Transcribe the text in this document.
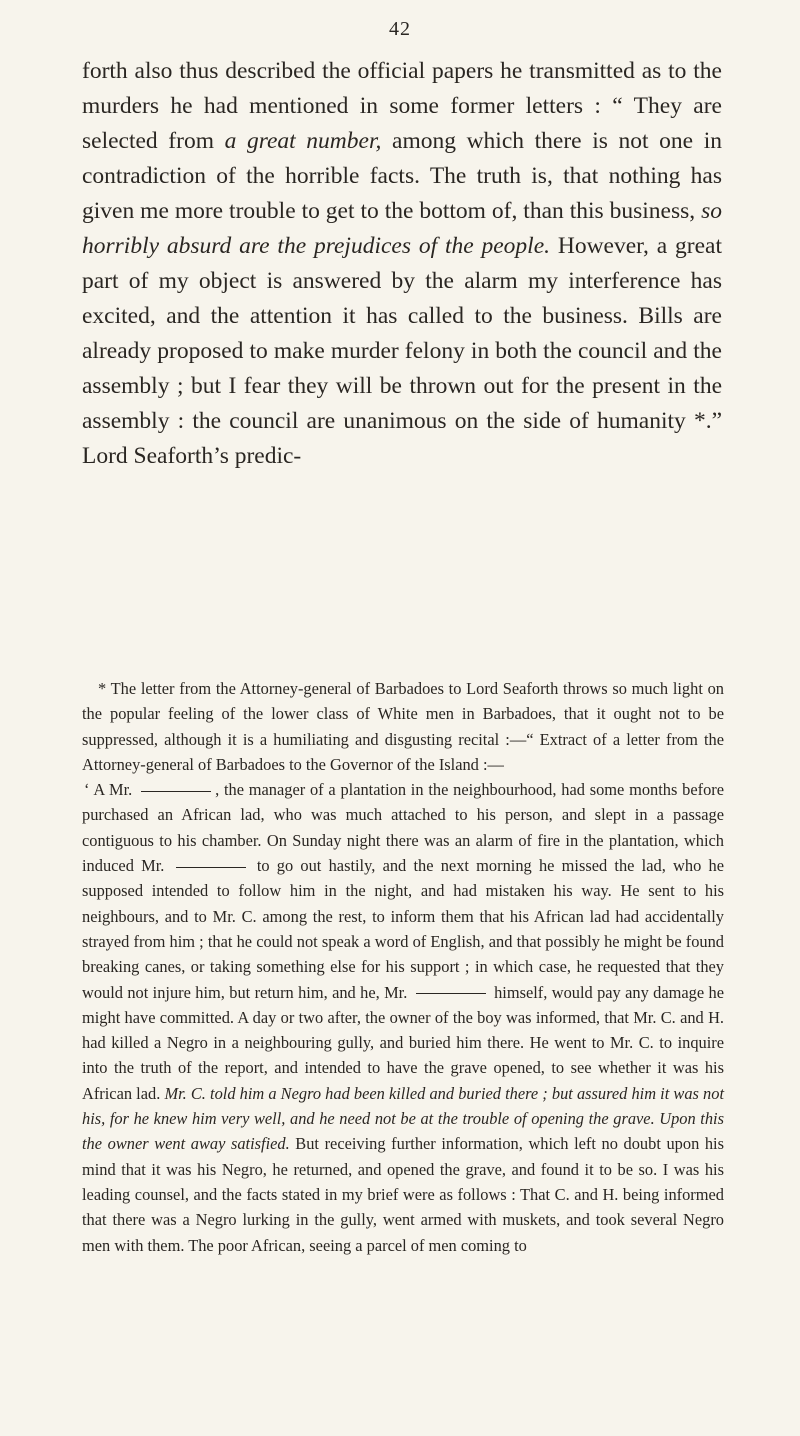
42

forth also thus described the official papers he transmitted as to the murders he had mentioned in some former letters : “ They are selected from a great number, among which there is not one in contradiction of the horrible facts. The truth is, that nothing has given me more trouble to get to the bottom of, than this business, so horribly absurd are the prejudices of the people. However, a great part of my object is answered by the alarm my interference has excited, and the attention it has called to the business. Bills are already proposed to make murder felony in both the council and the assembly ; but I fear they will be thrown out for the present in the assembly : the council are unanimous on the side of humanity *.” Lord Seaforth’s predic-

* The letter from the Attorney-general of Barbadoes to Lord Seaforth throws so much light on the popular feeling of the lower class of White men in Barbadoes, that it ought not to be suppressed, although it is a humiliating and disgusting recital :—“ Extract of a letter from the Attorney-general of Barbadoes to the Governor of the Island :—

‘ A Mr.	, the manager of a plantation in the neighbourhood, had some months before purchased an African lad, who was much attached to his person, and slept in a passage contiguous to his chamber. On Sunday night there was an alarm of fire in the plantation, which induced Mr.	to go out hastily, and the next morning he missed the lad, who he supposed intended to follow him in the night, and had mistaken his way. He sent to his neighbours, and to Mr. C. among the rest, to inform them that his African lad had accidentally strayed from him ; that he could not speak a word of English, and that possibly he might be found breaking canes, or taking something else for his support ; in which case, he requested that they would not injure him, but return him, and he, Mr.	himself, would pay any damage he might have committed. A day or two after, the owner of the boy was informed, that Mr. C. and H. had killed a Negro in a neighbouring gully, and buried him there. He went to Mr. C. to inquire into the truth of the report, and intended to have the grave opened, to see whether it was his African lad. Mr. C. told him a Negro had been killed and buried there ; but assured him it was not his, for he knew him very well, and he need not be at the trouble of opening the grave. Upon this the owner went away satisfied. But receiving further information, which left no doubt upon his mind that it was his Negro, he returned, and opened the grave, and found it to be so. I was his leading counsel, and the facts stated in my brief were as follows : That C. and H. being informed that there was a Negro lurking in the gully, went armed with muskets, and took several Negro men with them. The poor African, seeing a parcel of men coming to
